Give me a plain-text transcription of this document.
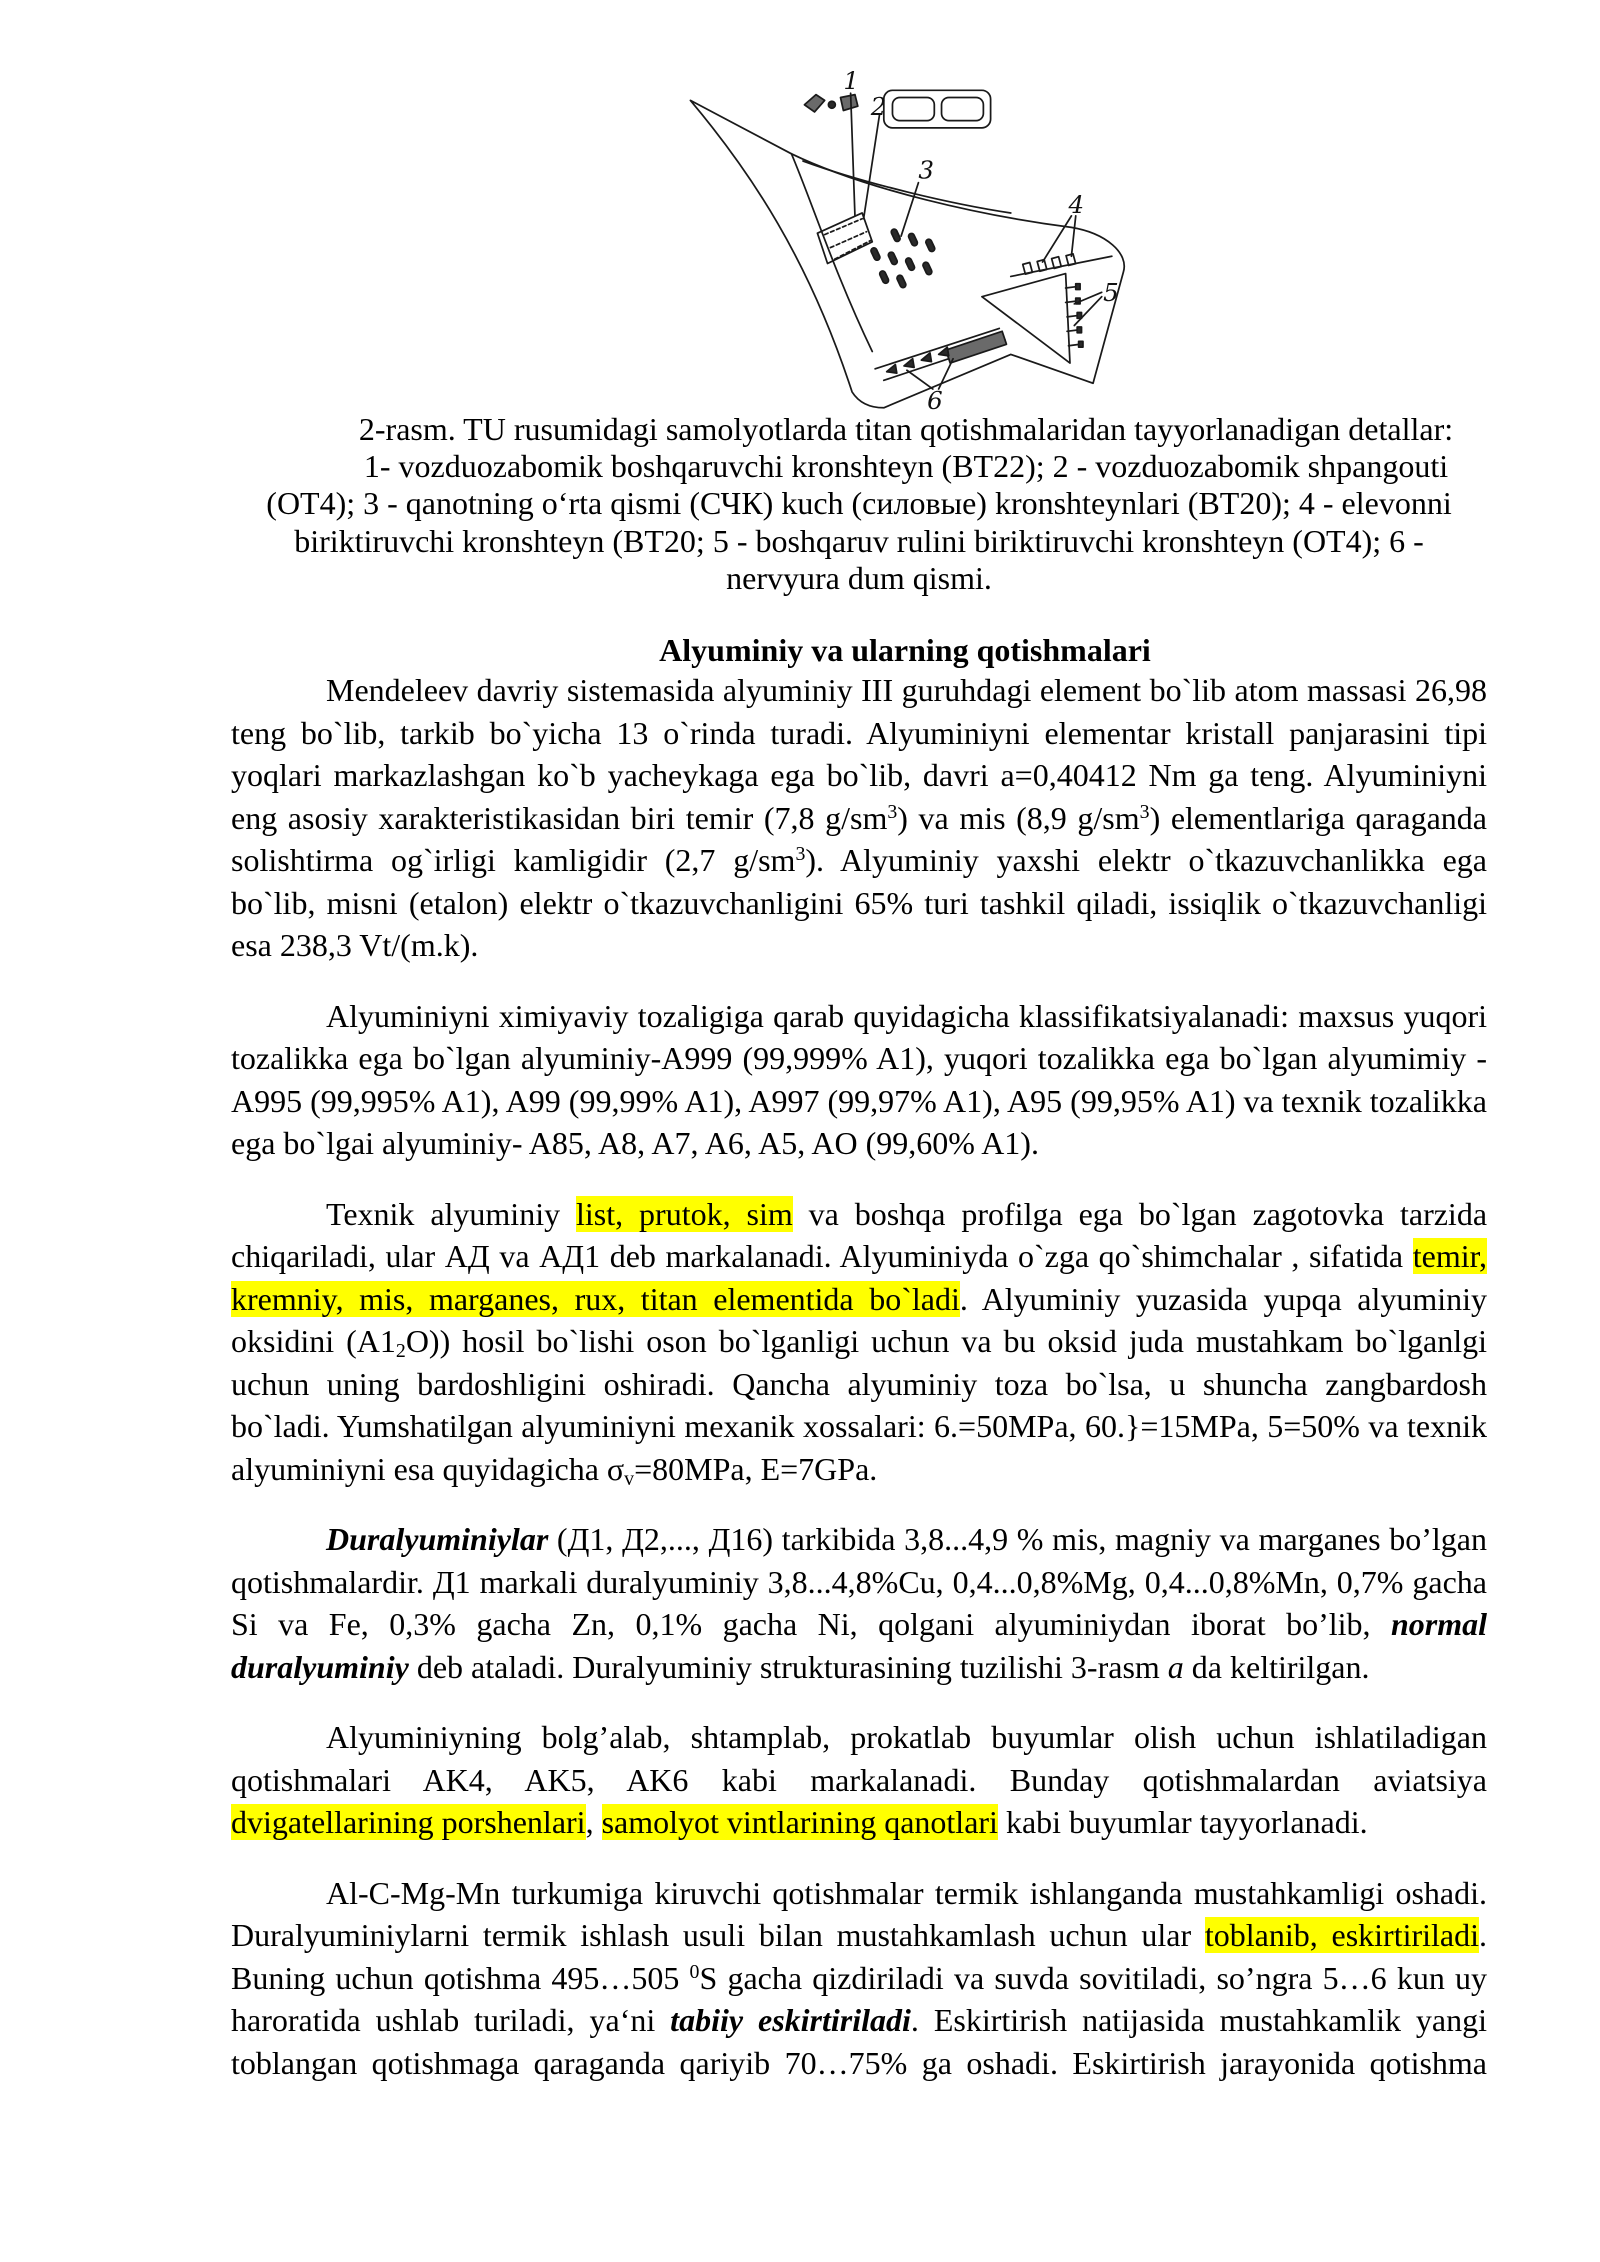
1
2
3
4
5
6
2-rasm. TU rusumidagi samolyotlarda titan qotishmalaridan tayyorlanadigan detallar:
1- vozduozabomik boshqaruvchi kronshteyn (BT22); 2 - vozduozabomik shpangouti
(OT4); 3 - qanotning o‘rta qismi (СЧК) kuch (силовые) kronshteynlari (BT20); 4 - elevonni
biriktiruvchi kronshteyn (BT20; 5 - boshqaruv rulini biriktiruvchi kronshteyn (OT4); 6 -
nervyura dum qismi.
Alyuminiy va ularning qotishmalari

Mendeleev davriy sistemasida alyuminiy III guruhdagi element bo`lib atom massasi 26,98 teng bo`lib, tarkib bo`yicha 13 o`rinda turadi. Alyuminiyni elementar kristall panjarasini tipi yoqlari markazlashgan ko`b yacheykaga ega bo`lib, davri a=0,40412 Nm ga teng. Alyuminiyni eng asosiy xarakteristikasidan biri temir (7,8 $g/sm^3$) va mis (8,9 $g/sm^3$) elementlariga qaraganda solishtirma og`irligi kamligidir (2,7 $g/sm^3$). Alyuminiy yaxshi elektr o`tkazuvchanlikka ega bo`lib, misni (etalon) elektr o`tkazuvchanligini 65% turi tashkil qiladi, issiqlik o`tkazuvchanligi esa 238,3 Vt/(m.k).

Alyuminiyni ximiyaviy tozaligiga qarab quyidagicha klassifikatsiyalanadi: maxsus yuqori tozalikka ega bo`lgan alyuminiy-A999 (99,999% A1), yuqori tozalikka ega bo`lgan alyumimiy - A995 (99,995% A1), A99 (99,99% A1), A997 (99,97% A1), A95 (99,95% A1) va texnik tozalikka ega bo`lgai alyuminiy- A85, A8, A7, A6, A5, AO (99,60% A1).

Texnik alyuminiy list, prutok, sim va boshqa profilga ega bo`lgan zagotovka tarzida chiqariladi, ular АД va АД1 deb markalanadi. Alyuminiyda o`zga qo`shimchalar , sifatida temir, kremniy, mis, marganes, rux, titan elementida bo`ladi. Alyuminiy yuzasida yupqa alyuminiy oksidini $(A1_2O)$) hosil bo`lishi oson bo`lganligi uchun va bu oksid juda mustahkam bo`lganlgi uchun uning bardoshligini oshiradi. Qancha alyuminiy toza bo`lsa, u shuncha zangbardosh bo`ladi. Yumshatilgan alyuminiyni mexanik xossalari: 6.=50MPa, 60.}=15MPa, 5=50% va texnik alyuminiyni esa quyidagicha $\sigma_v=80MPa$, E=7GPa.

Duralyuminiylar (Д1, Д2,..., Д16) tarkibida 3,8...4,9 % mis, magniy va marganes bo’lgan qotishmalardir. Д1 markali duralyuminiy 3,8...4,8%Cu, 0,4...0,8%Mg, 0,4...0,8%Mn, 0,7% gacha Si va Fe, 0,3% gacha Zn, 0,1% gacha Ni, qolgani alyuminiydan iborat bo’lib, normal duralyuminiy deb ataladi. Duralyuminiy strukturasining tuzilishi 3-rasm a da keltirilgan.

Alyuminiyning bolg’alab, shtamplab, prokatlab buyumlar olish uchun ishlatiladigan qotishmalari AK4, AK5, AK6 kabi markalanadi. Bunday qotishmalardan aviatsiya dvigatellarining porshenlari, samolyot vintlarining qanotlari kabi buyumlar tayyorlanadi.

Al-C-Mg-Mn turkumiga kiruvchi qotishmalar termik ishlanganda mustahkamligi oshadi. Duralyuminiylarni termik ishlash usuli bilan mustahkamlash uchun ular toblanib, eskirtiriladi. Buning uchun qotishma 495…505 $^0$S gacha qizdiriladi va suvda sovitiladi, so’ngra 5…6 kun uy haroratida ushlab turiladi, ya‘ni tabiiy eskirtiriladi. Eskirtirish natijasida mustahkamlik yangi toblangan qotishmaga qaraganda qariyib 70…75% ga oshadi. Eskirtirish jarayonida qotishma
